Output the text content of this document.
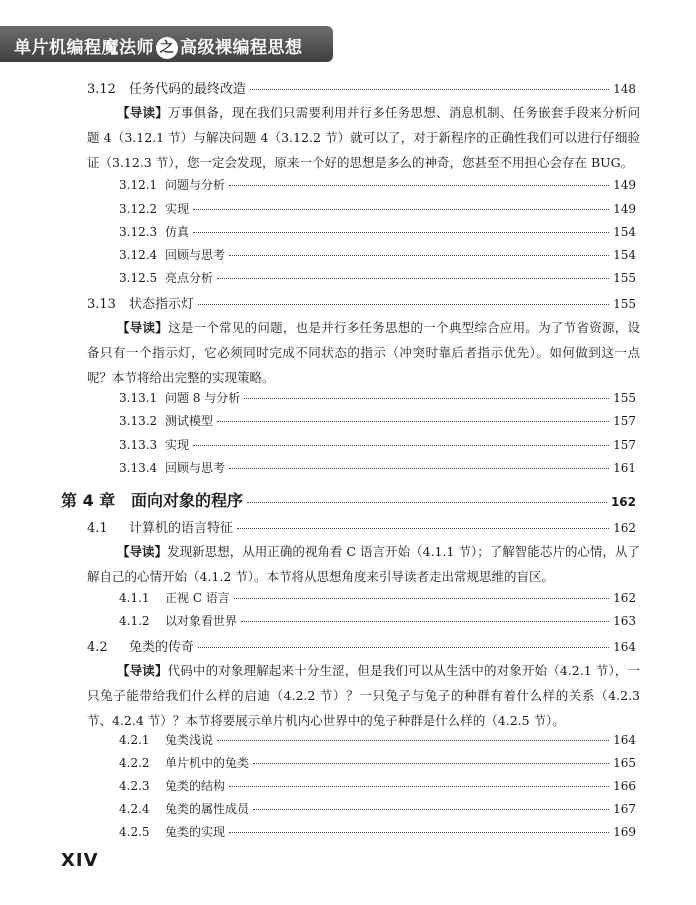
单片机编程魔法师 之 高级裸编程思想
3.12	任务代码的最终改造	148
【导读】万事俱备，现在我们只需要利用并行多任务思想、消息机制、任务嵌套手段来分析问题 4（3.12.1 节）与解决问题 4（3.12.2 节）就可以了，对于新程序的正确性我们可以进行仔细验证（3.12.3 节），您一定会发现，原来一个好的思想是多么的神奇，您甚至不用担心会存在 BUG。
3.12.1 问题与分析	149
3.12.2 实现	149
3.12.3 仿真	154
3.12.4 回顾与思考	154
3.12.5 亮点分析	155
3.13	状态指示灯	155
【导读】这是一个常见的问题，也是并行多任务思想的一个典型综合应用。为了节省资源，设备只有一个指示灯，它必须同时完成不同状态的指示（冲突时靠后者指示优先）。如何做到这一点呢？本节将给出完整的实现策略。
3.13.1 问题 8 与分析	155
3.13.2 测试模型	157
3.13.3 实现	157
3.13.4 回顾与思考	161
第 4 章 面向对象的程序	162
4.1	计算机的语言特征	162
【导读】发现新思想，从用正确的视角看 C 语言开始（4.1.1 节）；了解智能芯片的心情，从了解自己的心情开始（4.1.2 节）。本节将从思想角度来引导读者走出常规思维的盲区。
4.1.1	正视 C 语言	162
4.1.2	以对象看世界	163
4.2	兔类的传奇	164
【导读】代码中的对象理解起来十分生涩，但是我们可以从生活中的对象开始（4.2.1 节），一只兔子能带给我们什么样的启迪（4.2.2 节）？一只兔子与兔子的种群有着什么样的关系（4.2.3 节、4.2.4 节）？本节将要展示单片机内心世界中的兔子种群是什么样的（4.2.5 节）。
4.2.1	兔类浅说	164
4.2.2	单片机中的兔类	165
4.2.3	兔类的结构	166
4.2.4	兔类的属性成员	167
4.2.5	兔类的实现	169
XIV
